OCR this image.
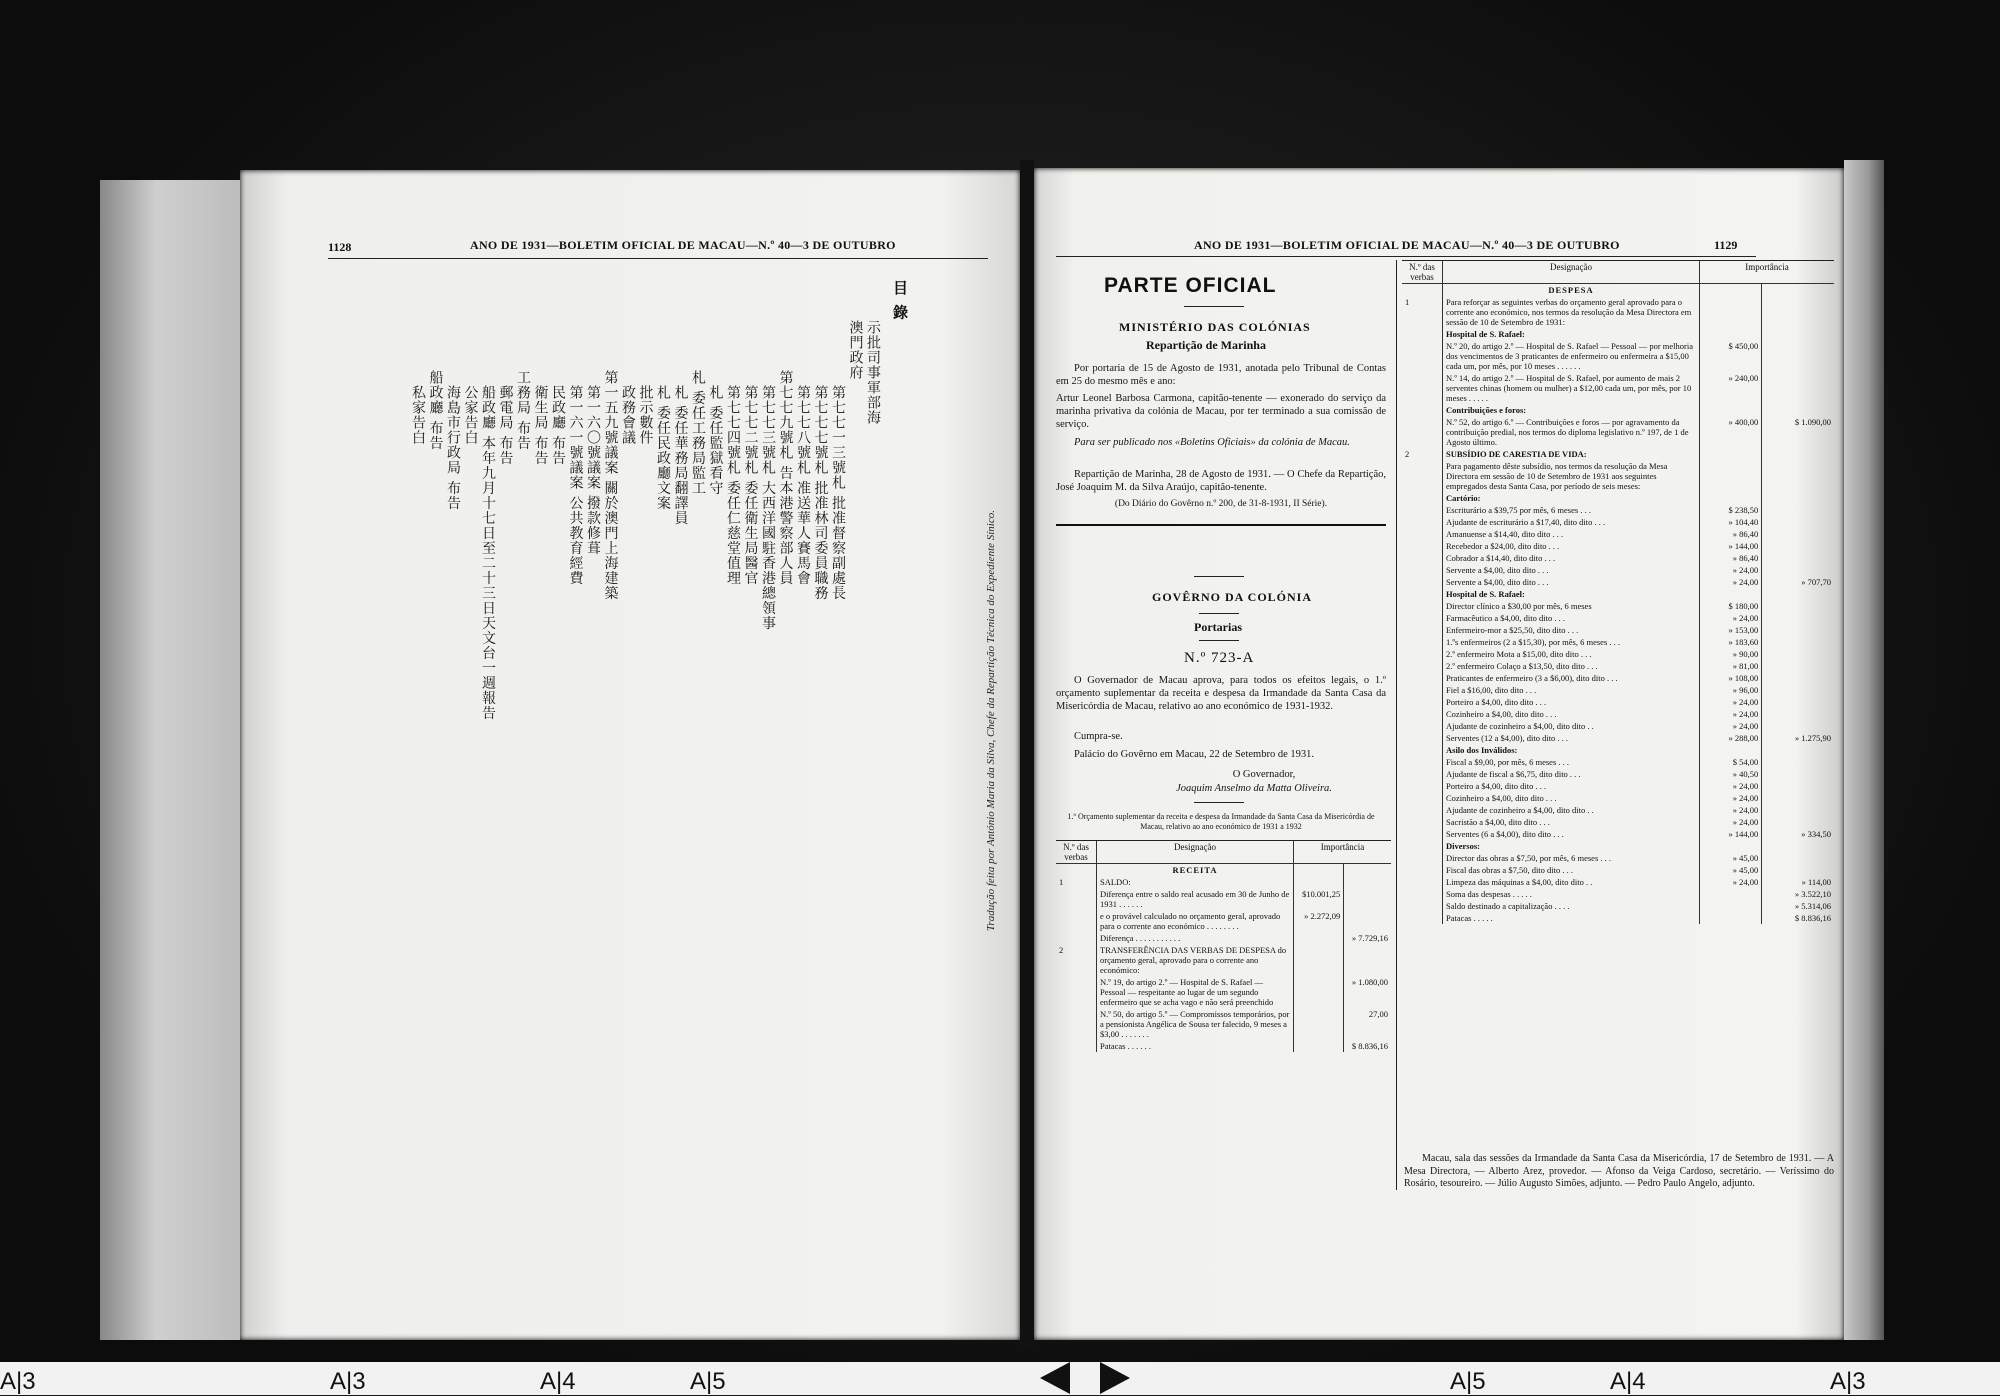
1128	ANO DE 1931—BOLETIM OFICIAL DE MACAU—N.º 40—3 DE OUTUBRO
目 錄
示批司事軍部海
澳門政府
第七七一三號札 批准督察副處長
第七七七號札 批准林司委員職務
第七七八號札 准送華人賽馬會
第七七九號札 告本港警察部人員
第七七三號札 大西洋國駐香港總領事
第七七二號札 委任衛生局醫官
第七七四號札 委任仁慈堂值理
札 委任監獄看守
札 委任工務局監工
札 委任華務局翻譯員
札 委任民政廳文案
批示數件
政務會議
第一五九號議案 關於澳門上海建築
第一六〇號議案 撥款修葺
第一六一號議案 公共教育經費
民政廳 布告
衛生局 布告
工務局 布告
郵電局 布告
船政廳 本年九月十七日至二十三日天文台一週報告
公家告白
海島市行政局 布告
船政廳 布告
私家告白
Tradução feita por António Maria da Silva, Chefe da Repartição Técnica do Expediente Sínico.
ANO DE 1931—BOLETIM OFICIAL DE MACAU—N.º 40—3 DE OUTUBRO	1129
PARTE OFICIAL
MINISTÉRIO DAS COLÓNIAS
Repartição de Marinha
Por portaria de 15 de Agosto de 1931, anotada pelo Tribunal de Contas em 25 do mesmo mês e ano:
Artur Leonel Barbosa Carmona, capitão-tenente — exonerado do serviço da marinha privativa da colónia de Macau, por ter terminado a sua comissão de serviço.
Para ser publicado nos «Boletins Oficiais» da colónia de Macau.
Repartição de Marinha, 28 de Agosto de 1931. — O Chefe da Repartição, José Joaquim M. da Silva Araújo, capitão-tenente.
(Do Diário do Govêrno n.º 200, de 31-8-1931, II Série).
GOVÊRNO DA COLÓNIA
Portarias
N.º 723-A
O Governador de Macau aprova, para todos os efeitos legais, o 1.º orçamento suplementar da receita e despesa da Irmandade da Santa Casa da Misericórdia de Macau, relativo ao ano económico de 1931-1932.
Cumpra-se.
Palácio do Govêrno em Macau, 22 de Setembro de 1931.
O Governador,
Joaquim Anselmo da Matta Oliveira.
1.º Orçamento suplementar da receita e despesa da Irmandade da Santa Casa da Misericórdia de Macau, relativo ao ano económico de 1931 a 1932
N.º das verbas	Designação	Importância	
	RECEITA		
1	SALDO:		
	Diferença entre o saldo real acusado em 30 de Junho de 1931 . . . . . .	$10.001,25	
	e o provável calculado no orçamento geral, aprovado para o corrente ano económico . . . . . . . .	» 2.272,09	
	Diferença . . . . . . . . . . .		» 7.729,16
2	TRANSFERÊNCIA DAS VERBAS DE DESPESA do orçamento geral, aprovado para o corrente ano económico:		
	N.º 19, do artigo 2.º — Hospital de S. Rafael — Pessoal — respeitante ao lugar de um segundo enfermeiro que se acha vago e não será preenchido		» 1.080,00
	N.º 50, do artigo 5.º — Compromissos temporários, por a pensionista Angélica de Sousa ter falecido, 9 meses a $3,00 . . . . . . .		27,00
	Patacas . . . . . .		$ 8.836,16
N.º das verbas	Designação	Importância	
	DESPESA		
1	Para reforçar as seguintes verbas do orçamento geral aprovado para o corrente ano económico, nos termos da resolução da Mesa Directora em sessão de 10 de Setembro de 1931:		
	Hospital de S. Rafael:		
	N.º 20, do artigo 2.º — Hospital de S. Rafael — Pessoal — por melhoria dos vencimentos de 3 praticantes de enfermeiro ou enfermeira a $15,00 cada um, por mês, por 10 meses . . . . . .	$ 450,00	
	N.º 14, do artigo 2.º — Hospital de S. Rafael, por aumento de mais 2 serventes chinas (homem ou mulher) a $12,00 cada um, por mês, por 10 meses . . . . .	» 240,00	
	Contribuições e foros:		
	N.º 52, do artigo 6.º — Contribuições e foros — por agravamento da contribuição predial, nos termos do diploma legislativo n.º 197, de 1 de Agosto último.	» 400,00	$ 1.090,00
2	SUBSÍDIO DE CARESTIA DE VIDA:		
	Para pagamento dêste subsídio, nos termos da resolução da Mesa Directora em sessão de 10 de Setembro de 1931 aos seguintes empregados desta Santa Casa, por período de seis meses:		
	Cartório:		
	Escriturário a $39,75 por mês, 6 meses . . .	$ 238,50	
	Ajudante de escriturário a $17,40, dito dito . . .	» 104,40	
	Amanuense a $14,40, dito dito . . .	» 86,40	
	Recebedor a $24,00, dito dito . . .	» 144,00	
	Cobrador a $14,40, dito dito . . .	» 86,40	
	Servente a $4,00, dito dito . . .	» 24,00	
	Servente a $4,00, dito dito . . .	» 24,00	» 707,70
	Hospital de S. Rafael:		
	Director clínico a $30,00 por mês, 6 meses	$ 180,00	
	Farmacêutico a $4,00, dito dito . . .	» 24,00	
	Enfermeiro-mor a $25,50, dito dito . . .	» 153,00	
	1.ºs enfermeiros (2 a $15,30), por mês, 6 meses . . .	» 183,60	
	2.º enfermeiro Mota a $15,00, dito dito . . .	» 90,00	
	2.º enfermeiro Colaço a $13,50, dito dito . . .	» 81,00	
	Praticantes de enfermeiro (3 a $6,00), dito dito . . .	» 108,00	
	Fiel a $16,00, dito dito . . .	» 96,00	
	Porteiro a $4,00, dito dito . . .	» 24,00	
	Cozinheiro a $4,00, dito dito . . .	» 24,00	
	Ajudante de cozinheiro a $4,00, dito dito . .	» 24,00	
	Serventes (12 a $4,00), dito dito . . .	» 288,00	» 1.275,90
	Asilo dos Inválidos:		
	Fiscal a $9,00, por mês, 6 meses . . .	$ 54,00	
	Ajudante de fiscal a $6,75, dito dito . . .	» 40,50	
	Porteiro a $4,00, dito dito . . .	» 24,00	
	Cozinheiro a $4,00, dito dito . . .	» 24,00	
	Ajudante de cozinheiro a $4,00, dito dito . .	» 24,00	
	Sacristão a $4,00, dito dito . . .	» 24,00	
	Serventes (6 a $4,00), dito dito . . .	» 144,00	» 334,50
	Diversos:		
	Director das obras a $7,50, por mês, 6 meses . . .	» 45,00	
	Fiscal das obras a $7,50, dito dito . . .	» 45,00	
	Limpeza das máquinas a $4,00, dito dito . .	» 24,00	» 114,00
	Soma das despesas . . . . .		» 3.522,10
	Saldo destinado a capitalização . . . .		» 5.314,06
	Patacas . . . . .		$ 8.836,16
Macau, sala das sessões da Irmandade da Santa Casa da Misericórdia, 17 de Setembro de 1931. — A Mesa Directora, — Alberto Arez, provedor. — Afonso da Veiga Cardoso, secretário. — Veríssimo do Rosário, tesoureiro. — Júlio Augusto Simões, adjunto. — Pedro Paulo Angelo, adjunto.
A|3	A|3	A|4	A|5	A|5	A|4	A|3
